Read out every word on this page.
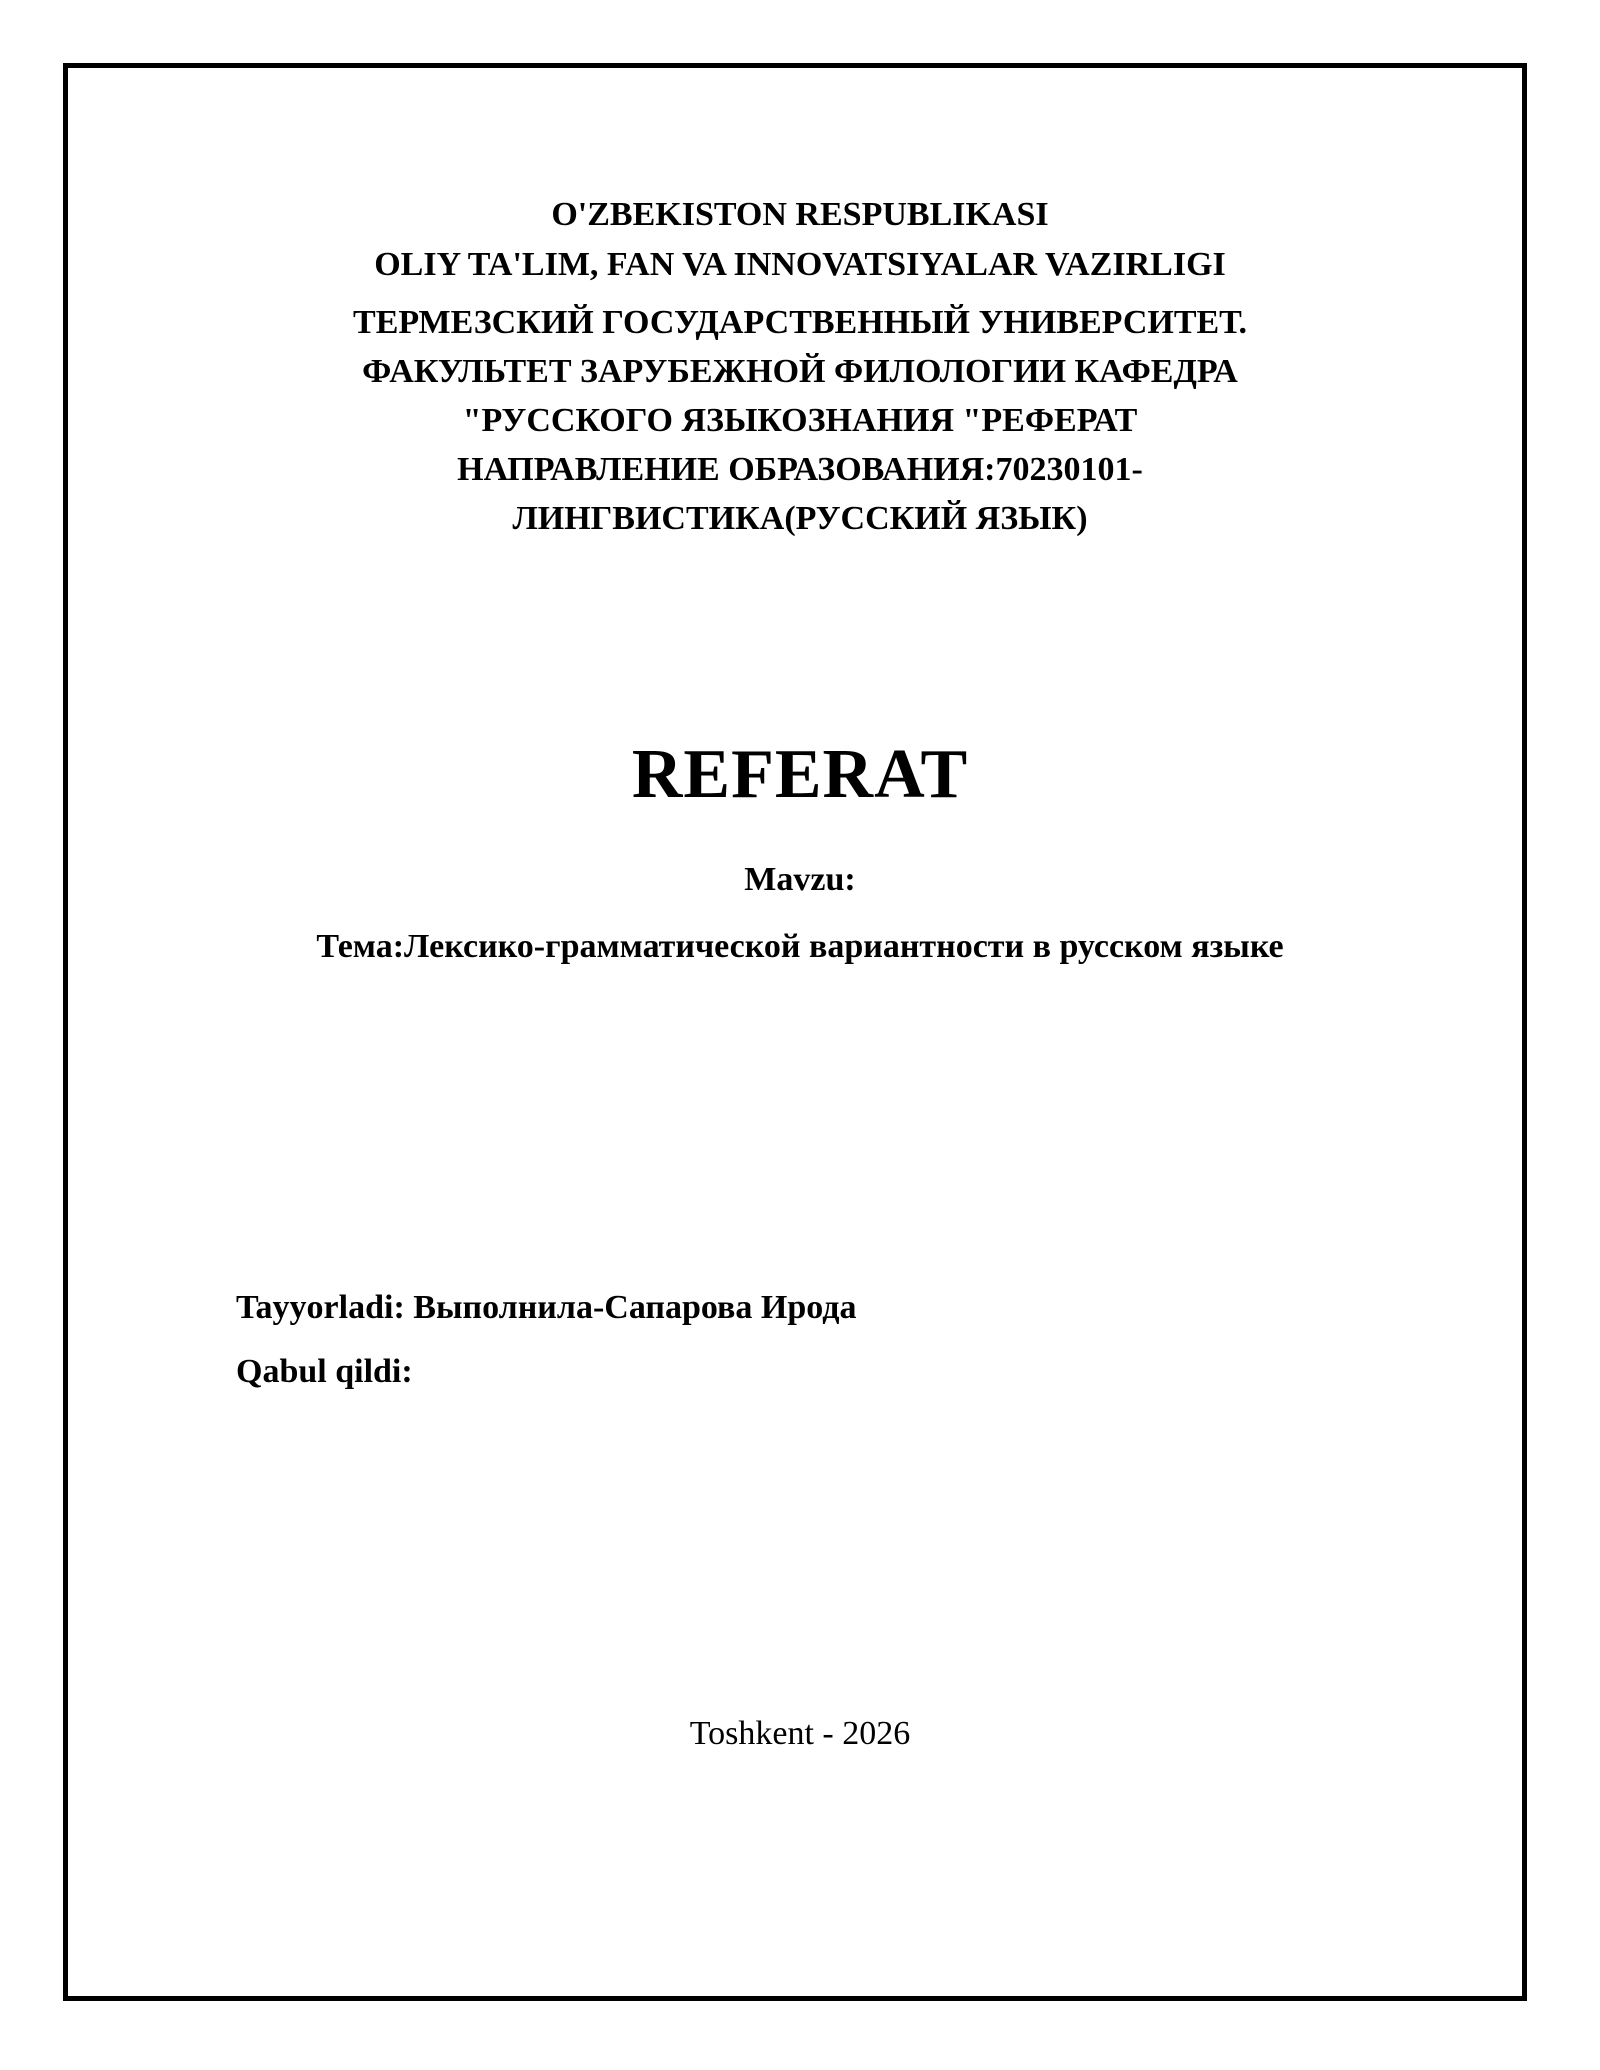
O'ZBEKISTON RESPUBLIKASI
OLIY TA'LIM, FAN VA INNOVATSIYALAR VAZIRLIGI
ТЕРМЕЗСКИЙ ГОСУДАРСТВЕННЫЙ УНИВЕРСИТЕТ.
ФАКУЛЬТЕТ ЗАРУБЕЖНОЙ ФИЛОЛОГИИ КАФЕДРА
"РУССКОГО ЯЗЫКОЗНАНИЯ "РЕФЕРАТ
НАПРАВЛЕНИЕ ОБРАЗОВАНИЯ:70230101-
ЛИНГВИСТИКА(РУССКИЙ ЯЗЫК)
REFERAT
Mavzu:
Тема:Лексико-грамматической вариантности в русском языке
Tayyorladi: Выполнила-Сапарова Ирода
Qabul qildi:
Toshkent - 2026
